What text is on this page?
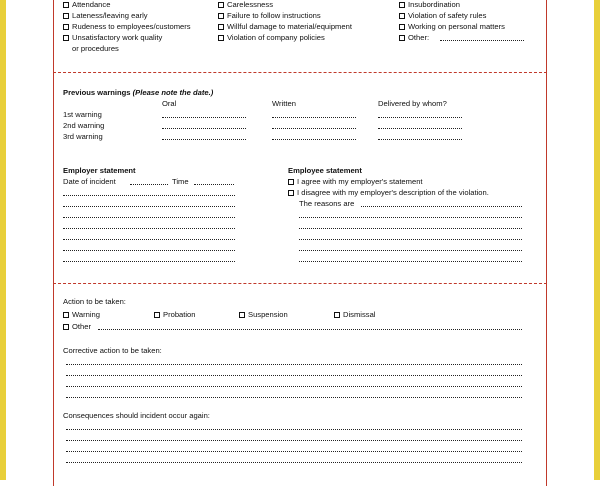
Attendance
Lateness/leaving early
Rudeness to employees/customers
Unsatisfactory work quality
or procedures
Carelessness
Failure to follow instructions
Willful damage to material/equipment
Violation of company policies
Insubordination
Violation of safety rules
Working on personal matters
Other:
Previous warnings (Please note the date.)
Oral	Written	Delivered by whom?
1st warning
2nd warning
3rd warning
Employer statement
Date of incident	Time
Employee statement
I agree with my employer's statement
I disagree with my employer's description of the violation.
The reasons are
Action to be taken:
Warning	Probation	Suspension	Dismissal
Other
Corrective action to be taken:
Consequences should incident occur again:
